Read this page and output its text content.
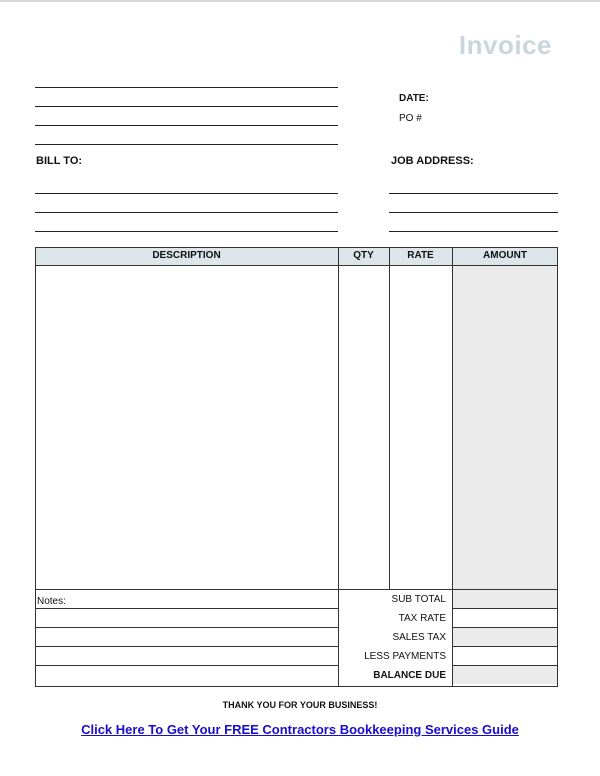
Invoice
DATE:
PO #
BILL TO:	JOB ADDRESS:
DESCRIPTION	QTY	RATE	AMOUNT
Notes:	SUB TOTAL
TAX RATE
SALES TAX
LESS PAYMENTS
BALANCE DUE
THANK YOU FOR YOUR BUSINESS!
Click Here To Get Your FREE Contractors Bookkeeping Services Guide
